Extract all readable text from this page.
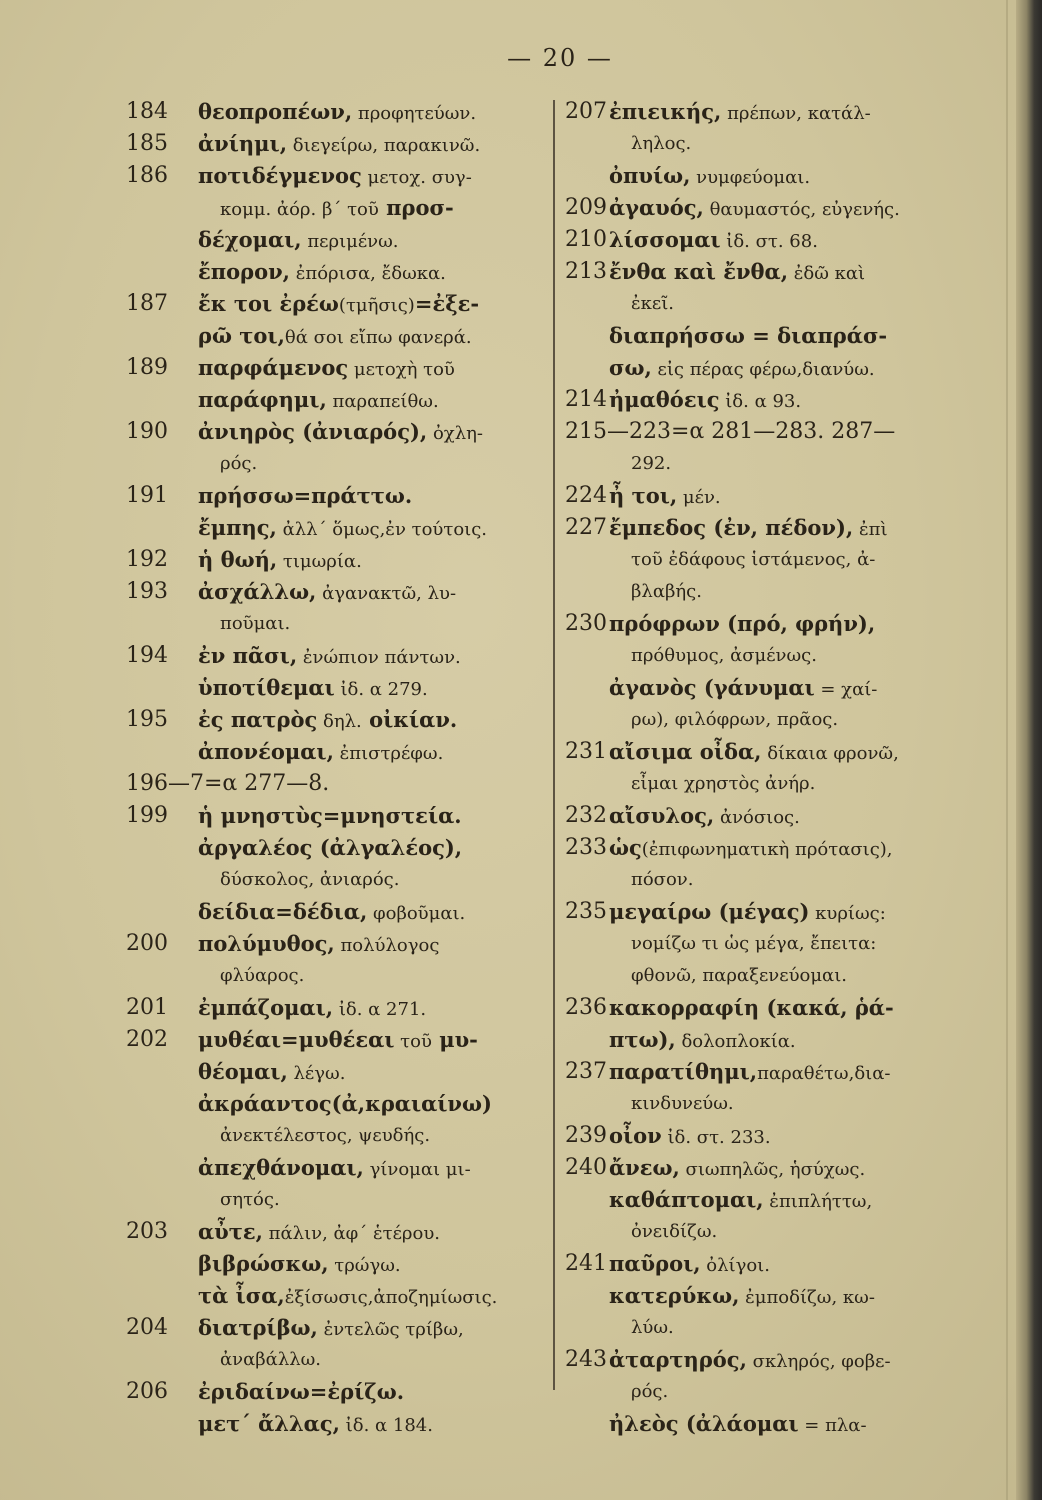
— 20 —
184	θεοπροπέων, προφητεύων.
185	ἀνίημι, διεγείρω, παρακινῶ.
186	ποτιδέγμενος μετοχ. συγ-
κομμ. ἀόρ. β΄ τοῦ προσ-
δέχομαι, περιμένω.
ἔπορον, ἐπόρισα, ἔδωκα.
187	ἔκ τοι ἐρέω(τμῆσις)=ἐξε-
ρῶ τοι,θά σοι εἴπω φανερά.
189	παρφάμενος μετοχὴ τοῦ
παράφημι, παραπείθω.
190	ἀνιηρὸς (ἀνιαρός), ὀχλη-
ρός.
191	πρήσσω=πράττω.
ἔμπης, ἀλλ΄ ὅμως,ἐν τούτοις.
192	ἡ θωή, τιμωρία.
193	ἀσχάλλω, ἀγανακτῶ, λυ-
ποῦμαι.
194	ἐν πᾶσι, ἐνώπιον πάντων.
ὑποτίθεμαι ἰδ. α 279.
195	ἐς πατρὸς δηλ. οἰκίαν.
ἀπονέομαι, ἐπιστρέφω.
196—7=α 277—8.
199	ἡ μνηστὺς=μνηστεία.
ἀργαλέος (ἀλγαλέος),
δύσκολος, ἀνιαρός.
δείδια=δέδια, φοβοῦμαι.
200	πολύμυθος, πολύλογος
φλύαρος.
201	ἐμπάζομαι, ἰδ. α 271.
202	μυθέαι=μυθέεαι τοῦ μυ-
θέομαι, λέγω.
ἀκράαντος(ἀ,κραιαίνω)
ἀνεκτέλεστος, ψευδής.
ἀπεχθάνομαι, γίνομαι μι-
σητός.
203	αὖτε, πάλιν, ἀφ΄ ἑτέρου.
βιβρώσκω, τρώγω.
τὰ ἶσα,ἐξίσωσις,ἀποζημίωσις.
204	διατρίβω, ἐντελῶς τρίβω,
ἀναβάλλω.
206	ἐριδαίνω=ἐρίζω.
μετ΄ ἄλλας, ἰδ. α 184.
207 ἐπιεικής, πρέπων, κατάλ-
ληλος.
ὀπυίω, νυμφεύομαι.
209 ἀγαυός, θαυμαστός, εὐγενής.
210 λίσσομαι ἰδ. στ. 68.
213 ἔνθα καὶ ἔνθα, ἐδῶ καὶ
ἐκεῖ.
διαπρήσσω = διαπράσ-
σω, εἰς πέρας φέρω,διανύω.
214 ἠμαθόεις ἰδ. α 93.
215—223=α 281—283. 287—
292.
224 ἦ τοι, μέν.
227 ἔμπεδος (ἐν, πέδον), ἐπὶ
τοῦ ἐδάφους ἱστάμενος, ἀ-
βλαβής.
230 πρόφρων (πρό, φρήν),
πρόθυμος, ἀσμένως.
ἀγανὸς (γάνυμαι = χαί-
ρω), φιλόφρων, πρᾶος.
231 αἴσιμα οἶδα, δίκαια φρονῶ,
εἶμαι χρηστὸς ἀνήρ.
232 αἴσυλος, ἀνόσιος.
233 ὡς(ἐπιφωνηματικὴ πρότασις),
πόσον.
235 μεγαίρω (μέγας) κυρίως:
νομίζω τι ὡς μέγα, ἔπειτα:
φθονῶ, παραξενεύομαι.
236 κακορραφίη (κακά, ῥά-
πτω), δολοπλοκία.
237 παρατίθημι,παραθέτω,δια-
κινδυνεύω.
239 οἶον ἰδ. στ. 233.
240 ἄνεω, σιωπηλῶς, ἡσύχως.
καθάπτομαι, ἐπιπλήττω,
ὀνειδίζω.
241 παῦροι, ὀλίγοι.
κατερύκω, ἐμποδίζω, κω-
λύω.
243 ἀταρτηρός, σκληρός, φοβε-
ρός.
ἠλεὸς (ἀλάομαι = πλα-
